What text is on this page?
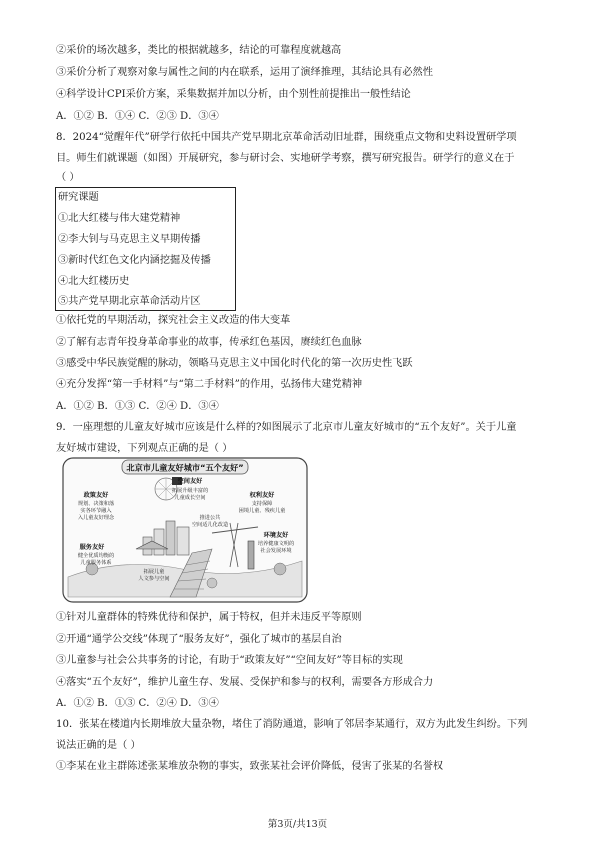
②采价的场次越多，类比的根据就越多，结论的可靠程度就越高
③采价分析了观察对象与属性之间的内在联系，运用了演绎推理，其结论具有必然性
④科学设计CPI采价方案，采集数据并加以分析，由个别性前提推出一般性结论
A．①② B．①④ C．②③ D．③④
8．2024“觉醒年代”研学行依托中国共产党早期北京革命活动旧址群，围绕重点文物和史料设置研学项
目。师生们就课题（如图）开展研究，参与研讨会、实地研学考察，撰写研究报告。研学行的意义在于
（ ）
研究课题
①北大红楼与伟大建党精神
②李大钊与马克思主义早期传播
③新时代红色文化内涵挖掘及传播
④北大红楼历史
⑤共产党早期北京革命活动片区
①依托党的早期活动，探究社会主义改造的伟大变革
②了解有志青年投身革命事业的故事，传承红色基因，赓续红色血脉
③感受中华民族觉醒的脉动，领略马克思主义中国化时代化的第一次历史性飞跃
④充分发挥“第一手材料”与“第二手材料”的作用，弘扬伟大建党精神
A．①② B．①③ C．②④ D．③④
9．一座理想的儿童友好城市应该是什么样的?如图展示了北京市儿童友好城市的“五个友好”。关于儿童
友好城市建设，下列观点正确的是（ ）
北京市儿童友好城市“五个友好”
空间友好
拓展升级丰富的
儿童成长空间
政策友好
规划、决策和落
实各环节融入
入儿童友好理念
权利友好
支持保障
困境儿童、残疾儿童
推进公共
空间适儿化改造
服务友好
健全优质均衡的
儿童服务体系
拓展儿童
人文参与空间
环境友好
培养健康文明的
社会发展环境
①针对儿童群体的特殊优待和保护，属于特权，但并未违反平等原则
②开通“通学公交线”体现了“服务友好”，强化了城市的基层自治
③儿童参与社会公共事务的讨论，有助于“政策友好”“空间友好”等目标的实现
④落实“五个友好”，维护儿童生存、发展、受保护和参与的权利，需要各方形成合力
A．①② B．①③ C．②④ D．③④
10．张某在楼道内长期堆放大量杂物，堵住了消防通道，影响了邻居李某通行，双方为此发生纠纷。下列
说法正确的是（ ）
①李某在业主群陈述张某堆放杂物的事实，致张某社会评价降低，侵害了张某的名誉权
第3页/共13页
